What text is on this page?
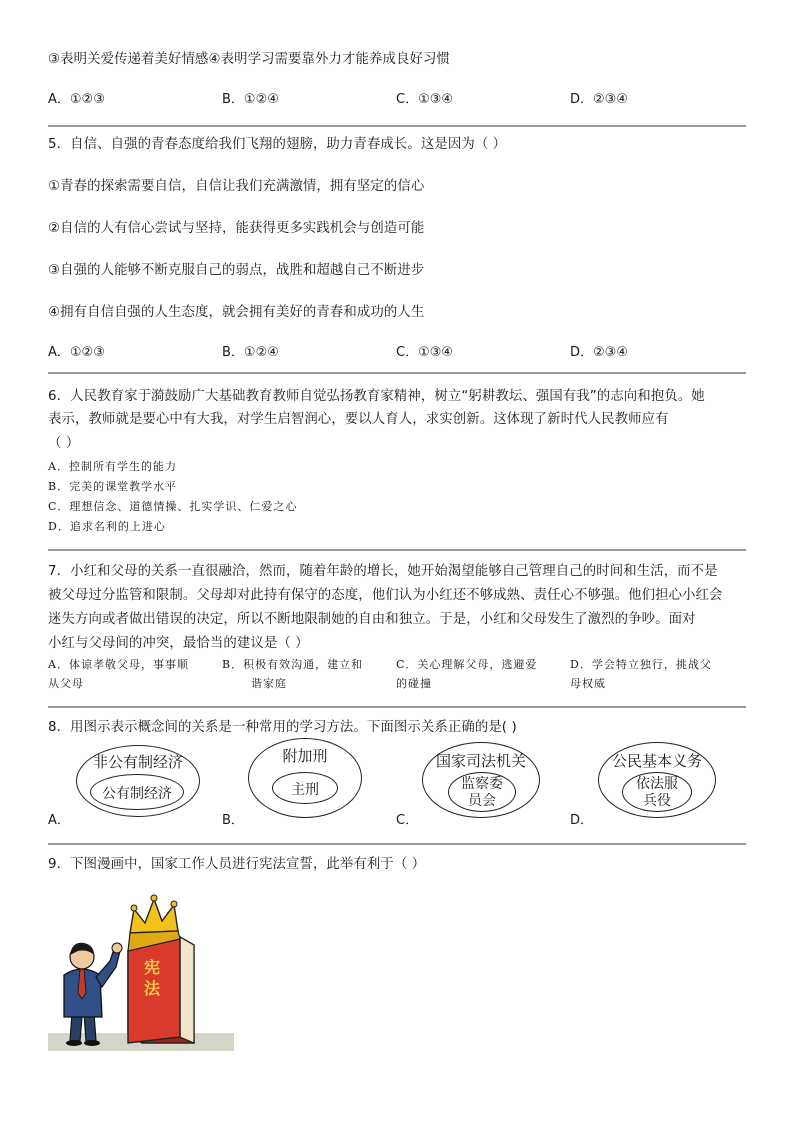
③表明关爱传递着美好情感④表明学习需要靠外力才能养成良好习惯
A．①②③	B．①②④	C．①③④	D．②③④
5．自信、自强的青春态度给我们飞翔的翅膀，助力青春成长。这是因为（ ）
①青春的探索需要自信，自信让我们充满激情，拥有坚定的信心
②自信的人有信心尝试与坚持，能获得更多实践机会与创造可能
③自强的人能够不断克服自己的弱点，战胜和超越自己不断进步
④拥有自信自强的人生态度，就会拥有美好的青春和成功的人生
A．①②③	B．①②④	C．①③④	D．②③④
6．人民教育家于漪鼓励广大基础教育教师自觉弘扬教育家精神，树立“躬耕教坛、强国有我”的志向和抱负。她
表示，教师就是要心中有大我，对学生启智润心，要以人育人，求实创新。这体现了新时代人民教师应有
（ ）
A．控制所有学生的能力
B．完美的课堂教学水平
C．理想信念、道德情操、扎实学识、仁爱之心
D．追求名利的上进心
7．小红和父母的关系一直很融洽，然而，随着年龄的增长，她开始渴望能够自己管理自己的时间和生活，而不是
被父母过分监管和限制。父母却对此持有保守的态度，他们认为小红还不够成熟、责任心不够强。他们担心小红会
迷失方向或者做出错误的决定，所以不断地限制她的自由和独立。于是，小红和父母发生了激烈的争吵。面对
小红与父母间的冲突，最恰当的建议是（ ）
A．体谅孝敬父母，事事顺
从父母
B．积极有效沟通，建立和
谐家庭
C．关心理解父母，逃避爱
的碰撞
D．学会特立独行，挑战父
母权威
8．用图示表示概念间的关系是一种常用的学习方法。下面图示关系正确的是( )
非公有制经济
公有制经济
A．
附加刑
主刑
B．
国家司法机关
监察委
员会
C．
公民基本义务
依法服
兵役
D．
9．下图漫画中，国家工作人员进行宪法宣誓，此举有利于（ ）
宪
法
